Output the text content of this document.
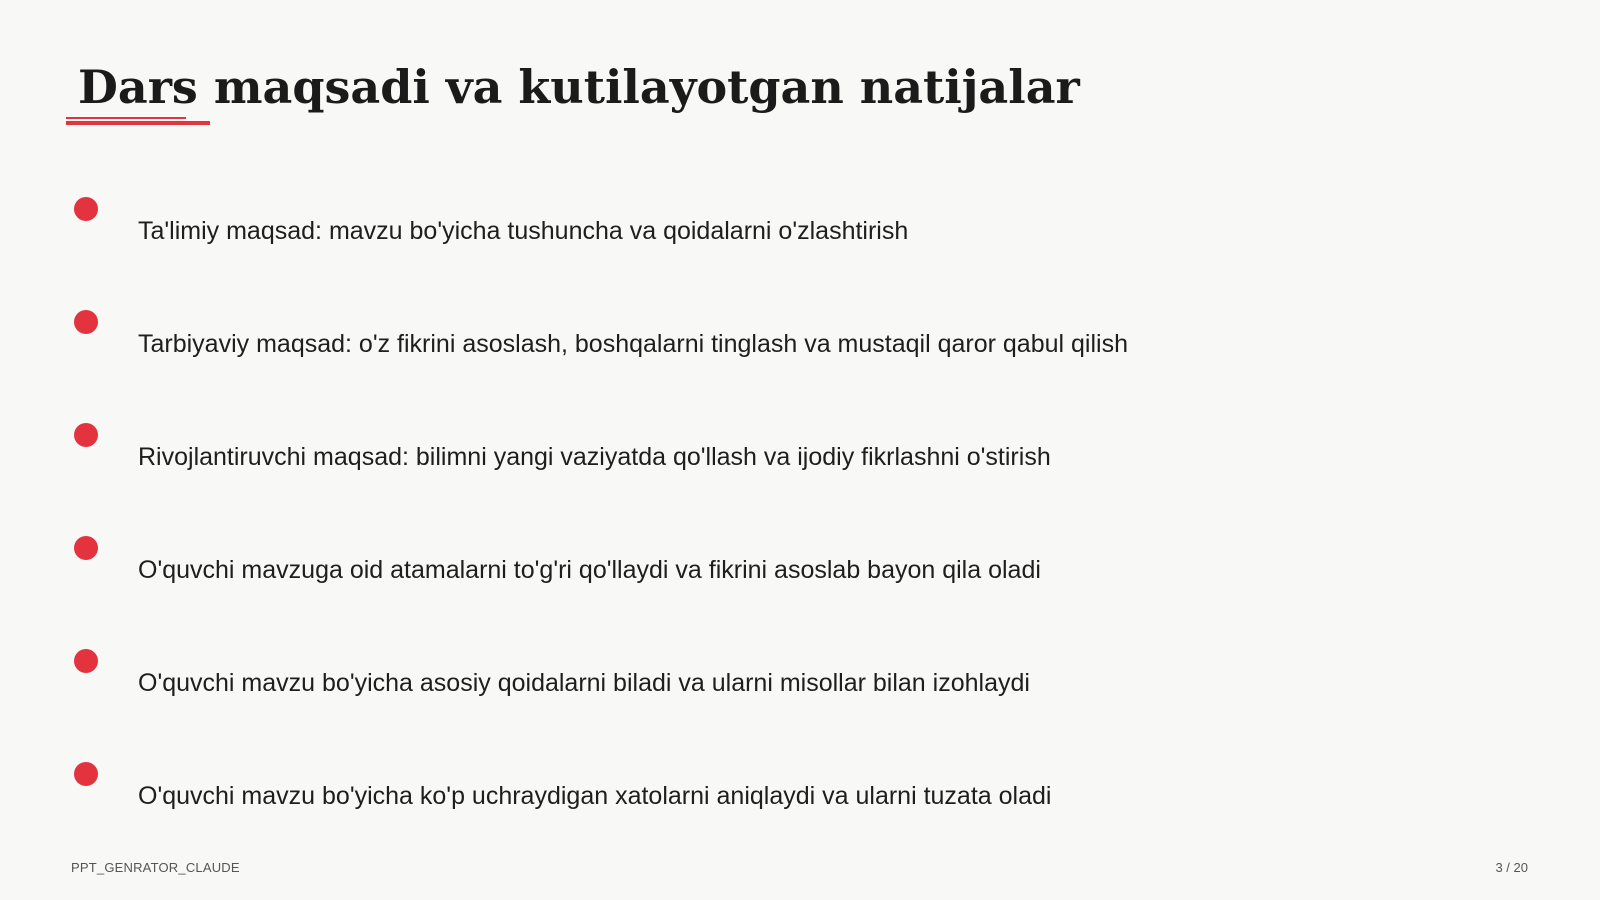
Dars maqsadi va kutilayotgan natijalar
Ta'limiy maqsad: mavzu bo'yicha tushuncha va qoidalarni o'zlashtirish
Tarbiyaviy maqsad: o'z fikrini asoslash, boshqalarni tinglash va mustaqil qaror qabul qilish
Rivojlantiruvchi maqsad: bilimni yangi vaziyatda qo'llash va ijodiy fikrlashni o'stirish
O'quvchi mavzuga oid atamalarni to'g'ri qo'llaydi va fikrini asoslab bayon qila oladi
O'quvchi mavzu bo'yicha asosiy qoidalarni biladi va ularni misollar bilan izohlaydi
O'quvchi mavzu bo'yicha ko'p uchraydigan xatolarni aniqlaydi va ularni tuzata oladi
PPT_GENRATOR_CLAUDE	3 / 20
